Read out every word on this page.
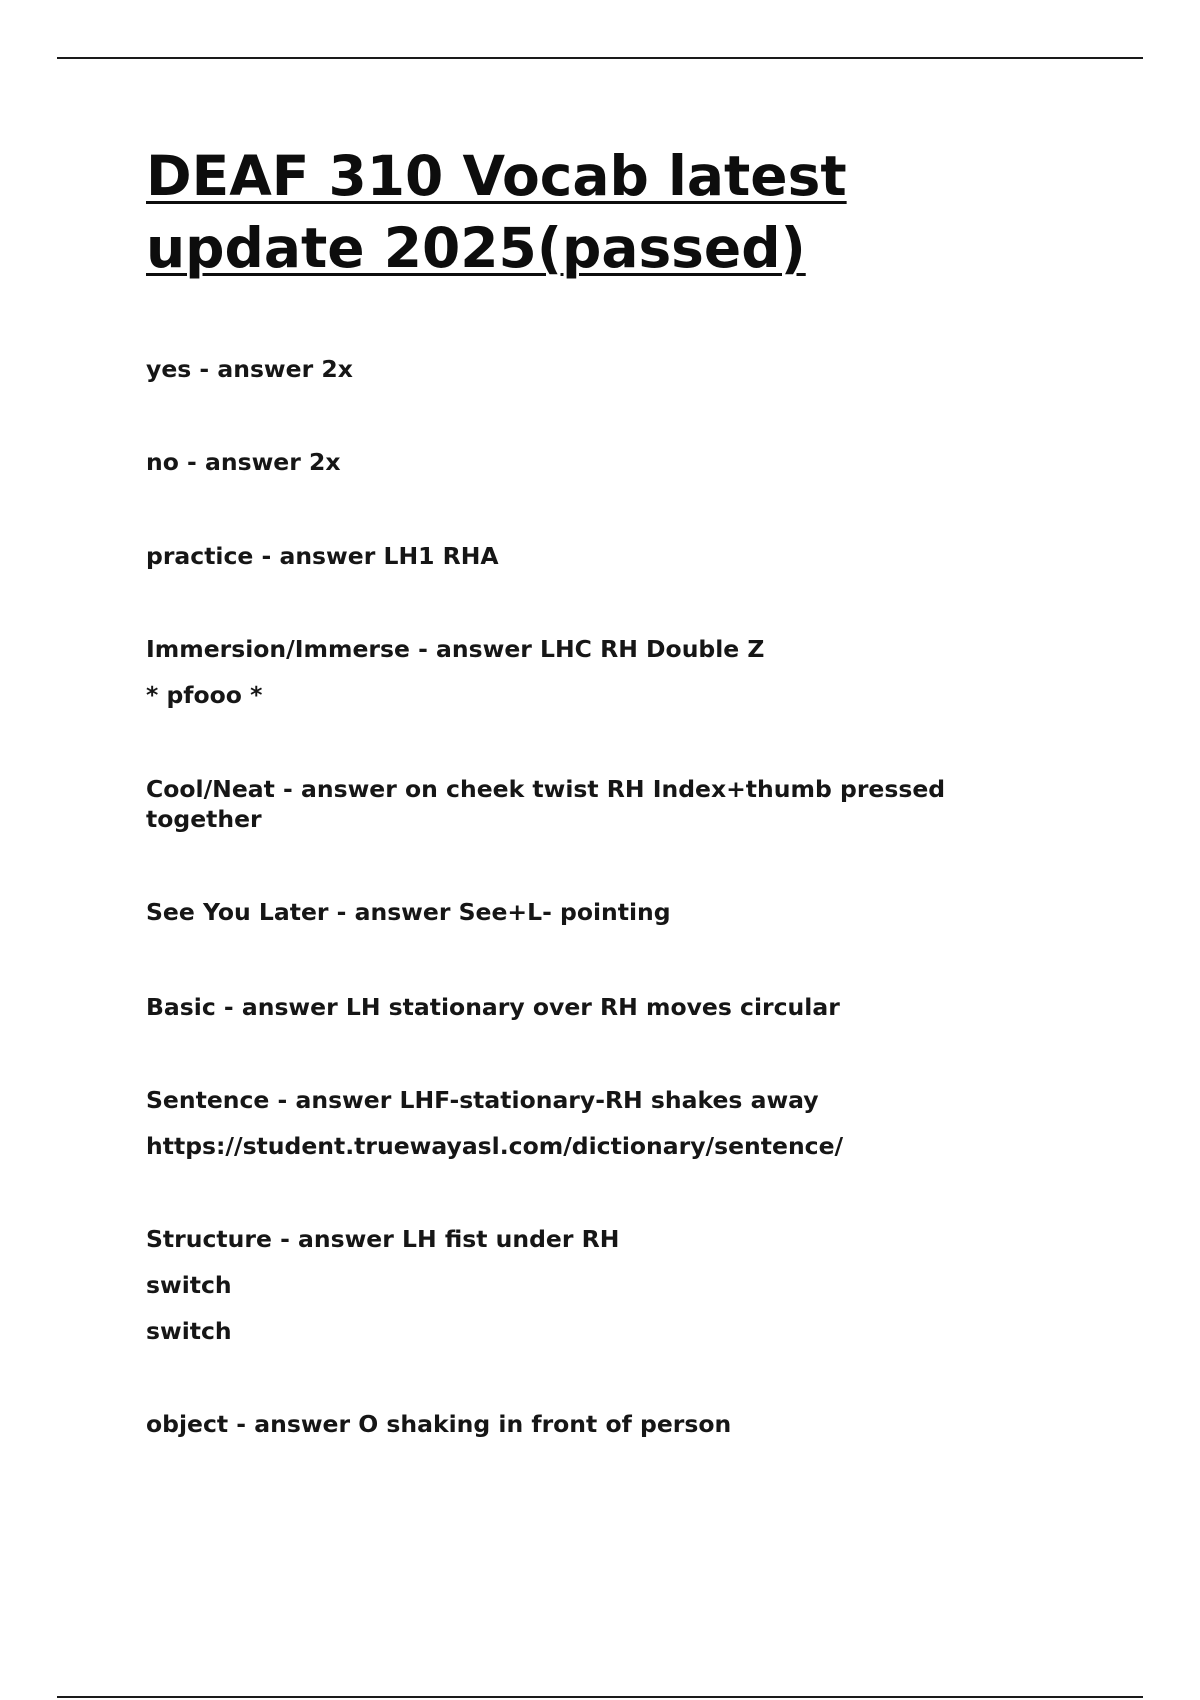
DEAF 310 Vocab latest update 2025(passed)
yes - answer 2x
no - answer 2x
practice - answer LH1 RHA
Immersion/Immerse - answer LHC RH Double Z
* pfooo *
Cool/Neat - answer on cheek twist RH Index+thumb pressed together
See You Later - answer See+L- pointing
Basic - answer LH stationary over RH moves circular
Sentence - answer LHF-stationary-RH shakes away
https://student.truewayasl.com/dictionary/sentence/
Structure - answer LH fist under RH
switch
switch
object - answer O shaking in front of person
